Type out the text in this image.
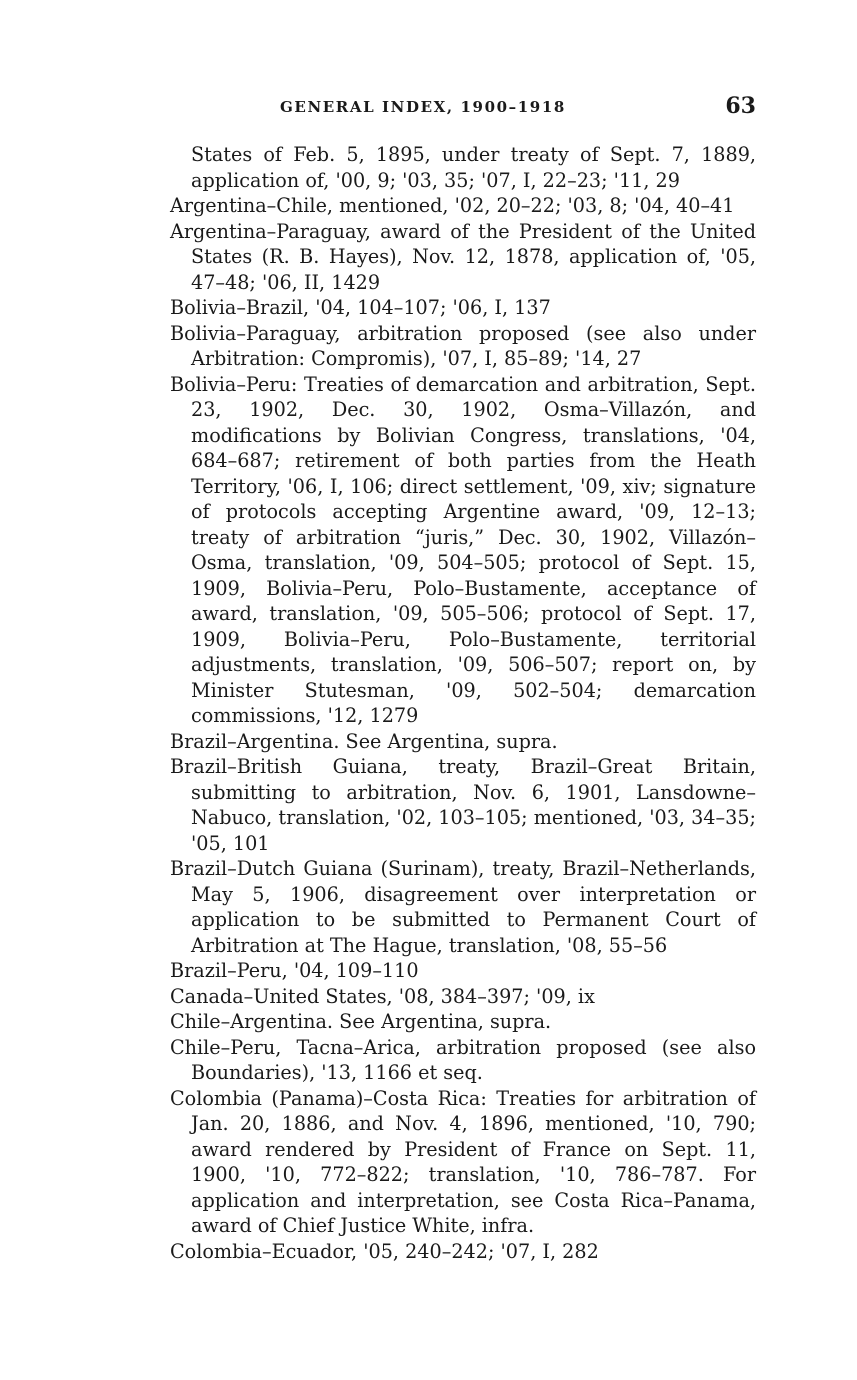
GENERAL INDEX, 1900–1918	63

States of Feb. 5, 1895, under treaty of Sept. 7, 1889, application of, '00, 9; '03, 35; '07, I, 22–23; '11, 29

Argentina–Chile, mentioned, '02, 20–22; '03, 8; '04, 40–41

Argentina–Paraguay, award of the President of the United States (R. B. Hayes), Nov. 12, 1878, application of, '05, 47–48; '06, II, 1429

Bolivia–Brazil, '04, 104–107; '06, I, 137

Bolivia–Paraguay, arbitration proposed (see also under Arbitration: Compromis), '07, I, 85–89; '14, 27

Bolivia–Peru: Treaties of demarcation and arbitration, Sept. 23, 1902, Dec. 30, 1902, Osma–Villazón, and modifications by Bolivian Congress, translations, '04, 684–687; retirement of both parties from the Heath Territory, '06, I, 106; direct settlement, '09, xiv; signature of protocols accepting Argentine award, '09, 12–13; treaty of arbitration “juris,” Dec. 30, 1902, Villazón–Osma, translation, '09, 504–505; protocol of Sept. 15, 1909, Bolivia–Peru, Polo–Bustamente, acceptance of award, translation, '09, 505–506; protocol of Sept. 17, 1909, Bolivia–Peru, Polo–Bustamente, territorial adjustments, translation, '09, 506–507; report on, by Minister Stutesman, '09, 502–504; demarcation commissions, '12, 1279

Brazil–Argentina. See Argentina, supra.

Brazil–British Guiana, treaty, Brazil–Great Britain, submitting to arbitration, Nov. 6, 1901, Lansdowne–Nabuco, translation, '02, 103–105; mentioned, '03, 34–35; '05, 101

Brazil–Dutch Guiana (Surinam), treaty, Brazil–Netherlands, May 5, 1906, disagreement over interpretation or application to be submitted to Permanent Court of Arbitration at The Hague, translation, '08, 55–56

Brazil–Peru, '04, 109–110

Canada–United States, '08, 384–397; '09, ix

Chile–Argentina. See Argentina, supra.

Chile–Peru, Tacna–Arica, arbitration proposed (see also Boundaries), '13, 1166 et seq.

Colombia (Panama)–Costa Rica: Treaties for arbitration of Jan. 20, 1886, and Nov. 4, 1896, mentioned, '10, 790; award rendered by President of France on Sept. 11, 1900, '10, 772–822; translation, '10, 786–787. For application and interpretation, see Costa Rica–Panama, award of Chief Justice White, infra.

Colombia–Ecuador, '05, 240–242; '07, I, 282
